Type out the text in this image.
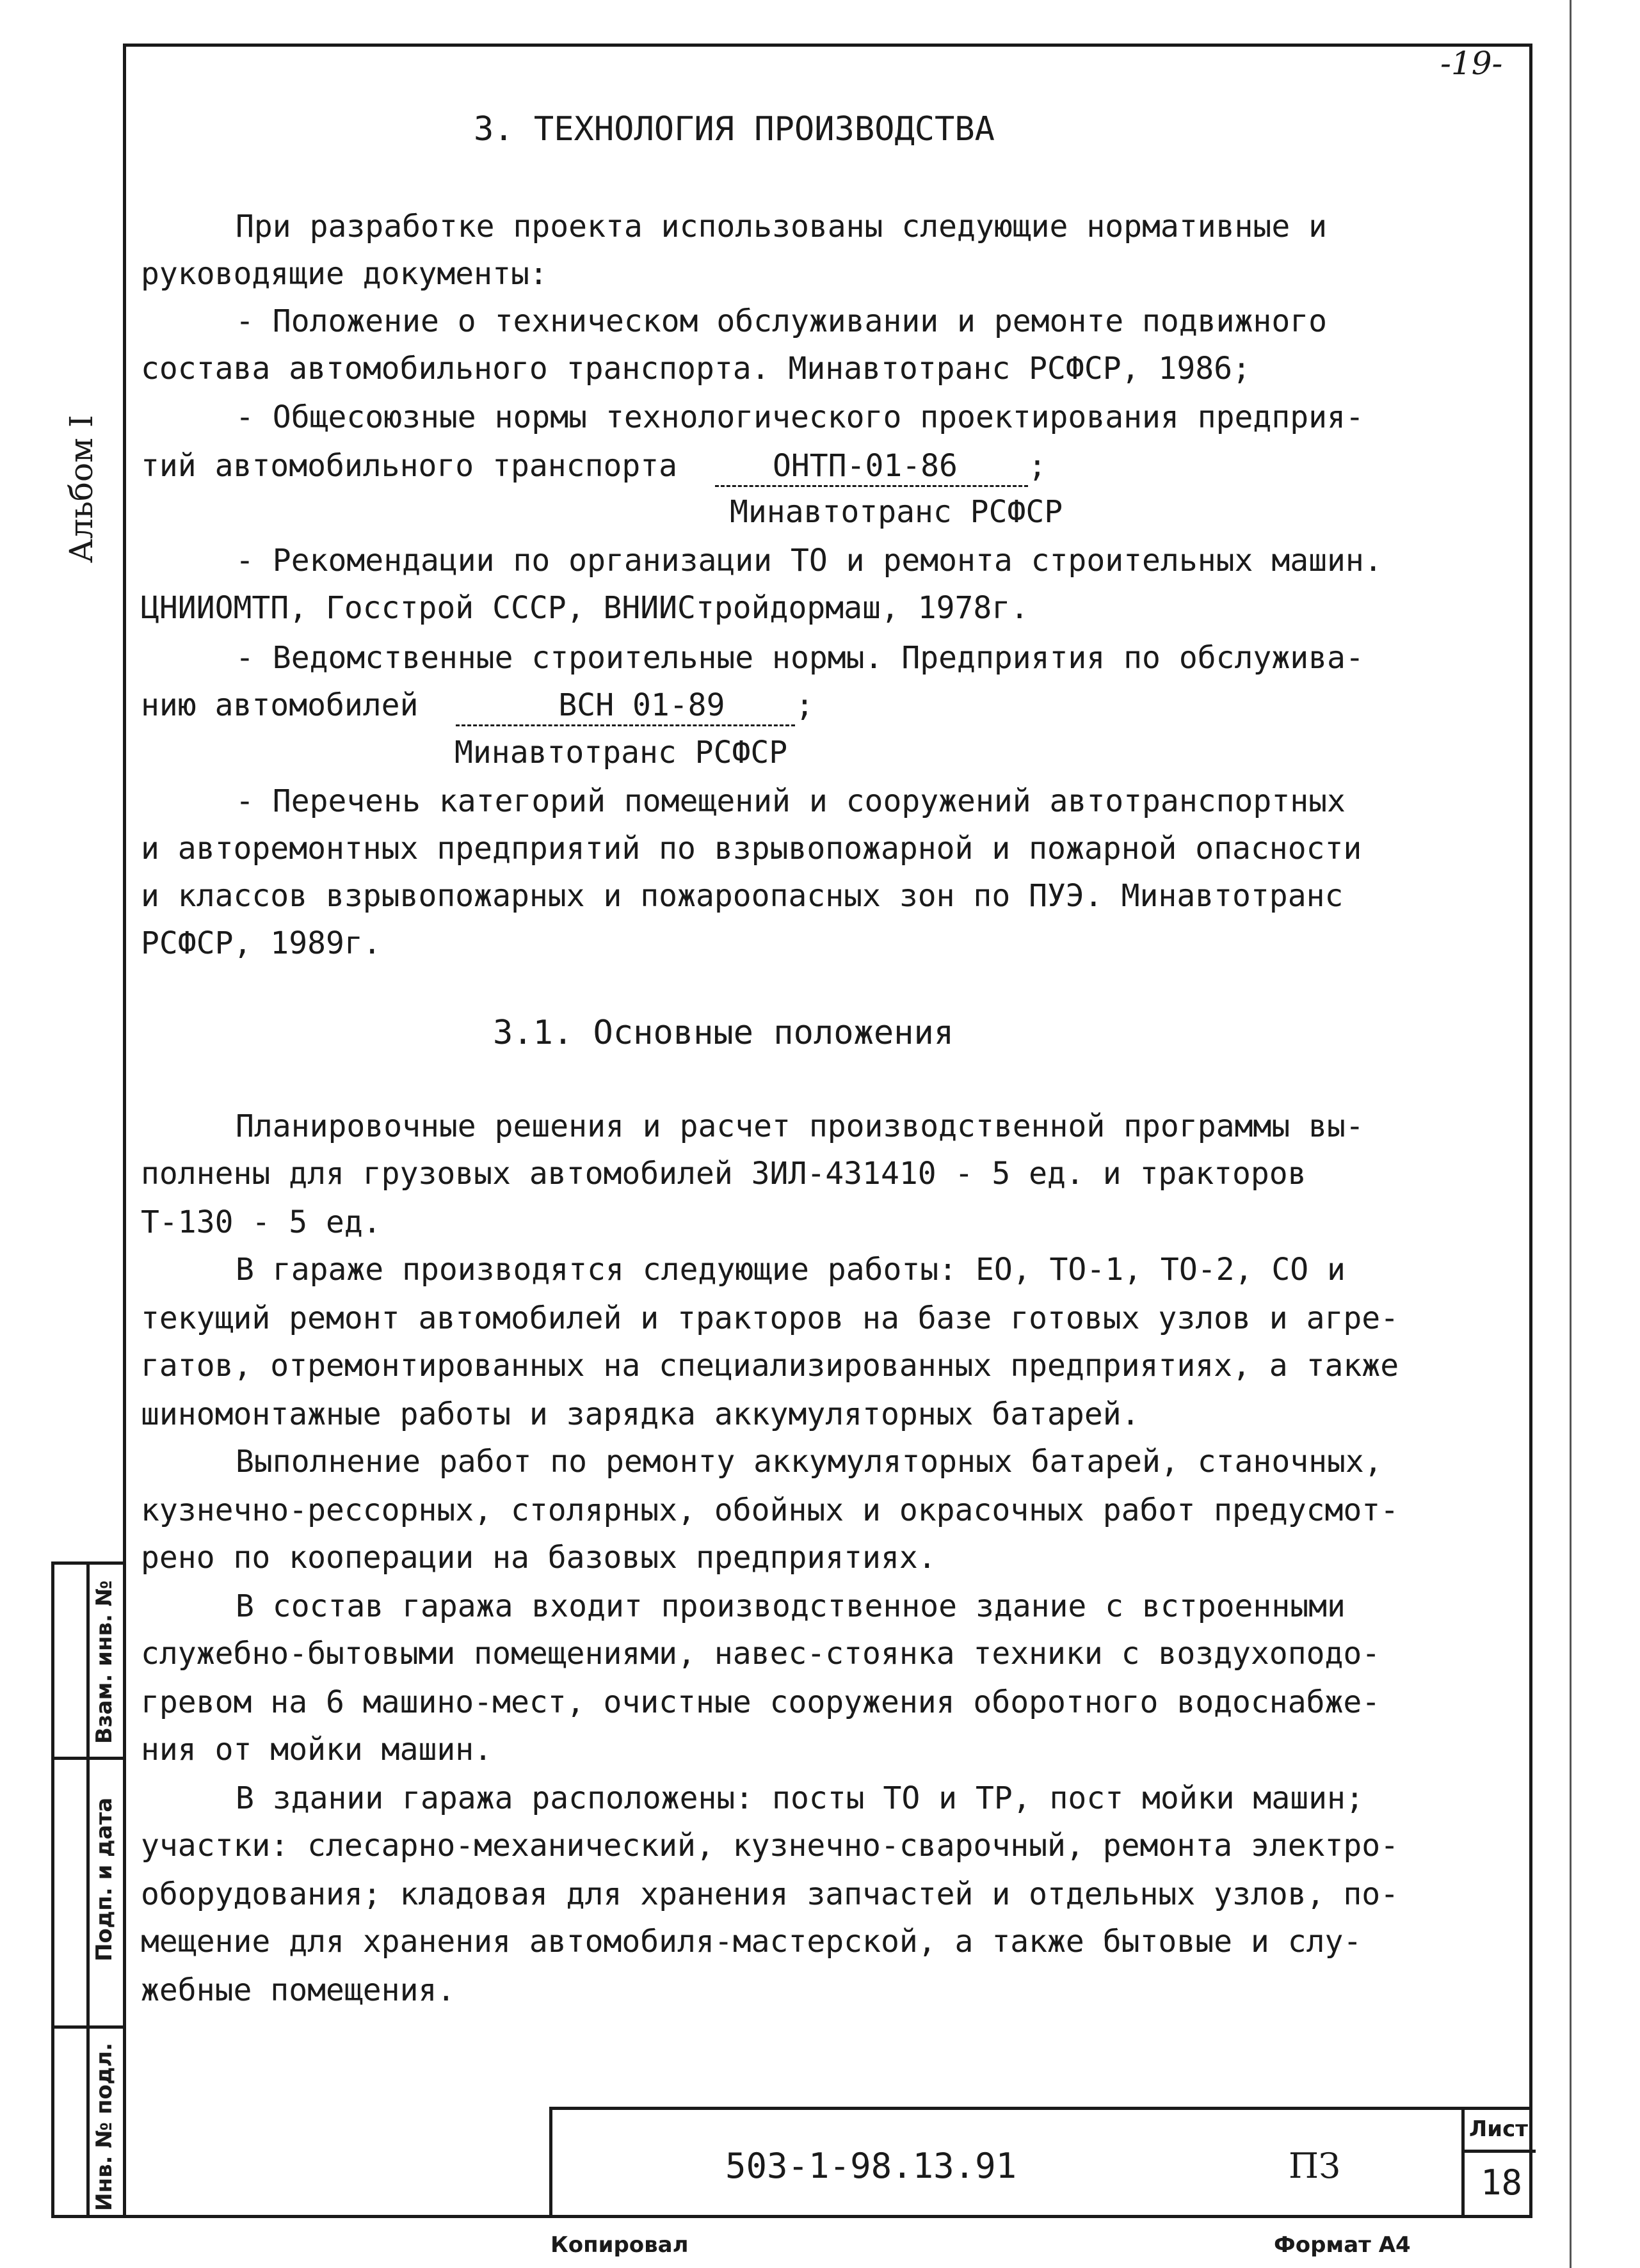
-19-
Альбом I
3. ТЕХНОЛОГИЯ ПРОИЗВОДСТВА
При разработке проекта использованы следующие нормативные и
руководящие документы:
- Положение о техническом обслуживании и ремонте подвижного
состава автомобильного транспорта. Минавтотранс РСФСР, 1986;
- Общесоюзные нормы технологического проектирования предприя-
тий автомобильного транспорта	ОНТП-01-86 ;
Минавтотранс РСФСР
- Рекомендации по организации ТО и ремонта строительных машин.
ЦНИИОМТП, Госстрой СССР, ВНИИСтройдормаш, 1978г.
- Ведомственные строительные нормы. Предприятия по обслужива-
нию автомобилей	ВСН 01-89 ;
Минавтотранс РСФСР
- Перечень категорий помещений и сооружений автотранспортных
и авторемонтных предприятий по взрывопожарной и пожарной опасности
и классов взрывопожарных и пожароопасных зон по ПУЭ. Минавтотранс
РСФСР, 1989г.
3.1. Основные положения
Планировочные решения и расчет производственной программы вы-
полнены для грузовых автомобилей ЗИЛ-431410 - 5 ед. и тракторов
Т-130 - 5 ед.
В гараже производятся следующие работы: ЕО, ТО-1, ТО-2, СО и
текущий ремонт автомобилей и тракторов на базе готовых узлов и агре-
гатов, отремонтированных на специализированных предприятиях, а также
шиномонтажные работы и зарядка аккумуляторных батарей.
Выполнение работ по ремонту аккумуляторных батарей, станочных,
кузнечно-рессорных, столярных, обойных и окрасочных работ предусмот-
рено по кооперации на базовых предприятиях.
В состав гаража входит производственное здание с встроенными
служебно-бытовыми помещениями, навес-стоянка техники с воздухоподо-
гревом на 6 машино-мест, очистные сооружения оборотного водоснабже-
ния от мойки машин.
В здании гаража расположены: посты ТО и ТР, пост мойки машин;
участки: слесарно-механический, кузнечно-сварочный, ремонта электро-
оборудования; кладовая для хранения запчастей и отдельных узлов, по-
мещение для хранения автомобиля-мастерской, а также бытовые и слу-
жебные помещения.
Взам. инв. №
Подп. и дата
Инв. № подл.	503-1-98.13.91	ПЗ
Лист
18
Копировал	Формат А4
